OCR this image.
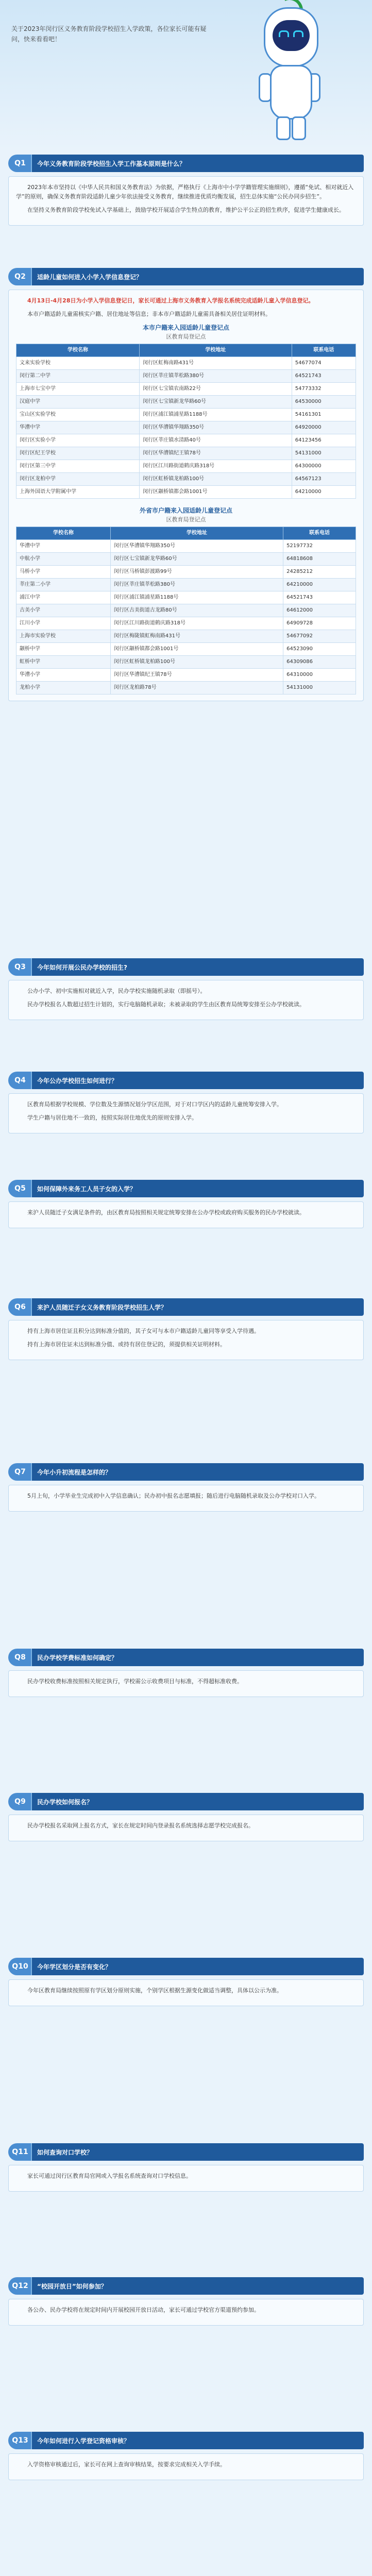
关于2023年闵行区义务教育阶段学校招生入学政策，各位家长可能有疑问，快来看看吧！
Q1	今年义务教育阶段学校招生入学工作基本原则是什么？

2023年本市坚持以《中华人民共和国义务教育法》为依据，严格执行《上海市中小学学籍管理实施细则》，遵循“免试、相对就近入学”的原则，确保义务教育阶段适龄儿童少年依法接受义务教育，继续推进优质均衡发展，招生总体实施“公民办同步招生”。

在坚持义务教育阶段学校免试入学基础上，鼓励学校开展适合学生特点的教育，维护公平公正的招生秩序，促进学生健康成长。

Q2	适龄儿童如何进入小学入学信息登记？

4月13日-4月28日为小学入学信息登记日，家长可通过上海市义务教育入学报名系统完成适龄儿童入学信息登记。

本市户籍适龄儿童需核实户籍、居住地址等信息；非本市户籍适龄儿童需具备相关居住证明材料。

本市户籍来入园适龄儿童登记点
区教育局登记点
学校名称	学校地址	联系电话
文来实验学校	闵行区虹梅南路431号	54677074
闵行第二中学	闵行区莘庄镇莘松路380号	64521743
上海市七宝中学	闵行区七宝镇农南路22号	54773332
汉庭中学	闵行区七宝镇新龙华路60号	64530000
宝山区实验学校	闵行区浦江镇浦星路1188号	54161301
华漕中学	闵行区华漕镇华翔路350号	64920000
闵行区实验小学	闵行区莘庄镇水清路40号	64123456
闵行区纪王学校	闵行区华漕镇纪王镇78号	54131000
闵行区第三中学	闵行区江川路街道鹤庆路318号	64300000
闵行区龙柏中学	闵行区虹桥镇龙柏路100号	64567123
上海外国语大学附属中学	闵行区颛桥镇都会路1001号	64210000
外省市户籍来入园适龄儿童登记点
区教育局登记点
学校名称	学校地址	联系电话
华漕中学	闵行区华漕镇华翔路350号	52197732
中航小学	闵行区七宝镇新龙华路60号	64818608
马桥小学	闵行区马桥镇彭渡路99号	24285212
莘庄第二小学	闵行区莘庄镇莘松路380号	64210000
浦江中学	闵行区浦江镇浦星路1188号	64521743
古美小学	闵行区古美街道古龙路80号	64612000
江川小学	闵行区江川路街道鹤庆路318号	64909728
上海市实验学校	闵行区梅陇镇虹梅南路431号	54677092
颛桥中学	闵行区颛桥镇都会路1001号	64523090
虹桥中学	闵行区虹桥镇龙柏路100号	64309086
华漕小学	闵行区华漕镇纪王镇78号	64310000
龙柏小学	闵行区龙柏路78号	54131000
Q3	今年如何开展公民办学校的招生?

公办小学、初中实施相对就近入学，民办学校实施随机录取（即摇号）。

民办学校报名人数超过招生计划的，实行电脑随机录取；未被录取的学生由区教育局统筹安排至公办学校就读。

Q4	今年公办学校招生如何进行？

区教育局根据学校规模、学位数及生源情况划分学区范围，对于对口学区内的适龄儿童统筹安排入学。

学生户籍与居住地不一致的，按照实际居住地优先的原则安排入学。

Q5	如何保障外来务工人员子女的入学？

来沪人员随迁子女满足条件的，由区教育局按照相关规定统筹安排在公办学校或政府购买服务的民办学校就读。

Q6	来沪人员随迁子女义务教育阶段学校招生人学？

持有上海市居住证且积分达到标准分值的，其子女可与本市户籍适龄儿童同等享受入学待遇。

持有上海市居住证未达到标准分值、或持有居住登记的，须提供相关证明材料。

Q7	今年小升初流程是怎样的？

5月上旬，小学毕业生完成初中入学信息确认；民办初中报名志愿填报；随后进行电脑随机录取及公办学校对口入学。

Q8	民办学校学费标准如何确定？

民办学校收费标准按照相关规定执行，学校需公示收费项目与标准，不得超标准收费。

Q9	民办学校如何报名？

民办学校报名采取网上报名方式，家长在规定时间内登录报名系统选择志愿学校完成报名。

Q10	今年学区划分是否有变化？

今年区教育局继续按照原有学区划分原则实施，个别学区根据生源变化做适当调整，具体以公示为准。

Q11	如何查询对口学校？

家长可通过闵行区教育局官网或入学报名系统查询对口学校信息。

Q12	“校园开放日”如何参加？

各公办、民办学校将在规定时间内开展校园开放日活动，家长可通过学校官方渠道预约参加。

Q13	今年如何进行入学登记资格审核？

入学资格审核通过后，家长可在网上查询审核结果，按要求完成相关入学手续。
